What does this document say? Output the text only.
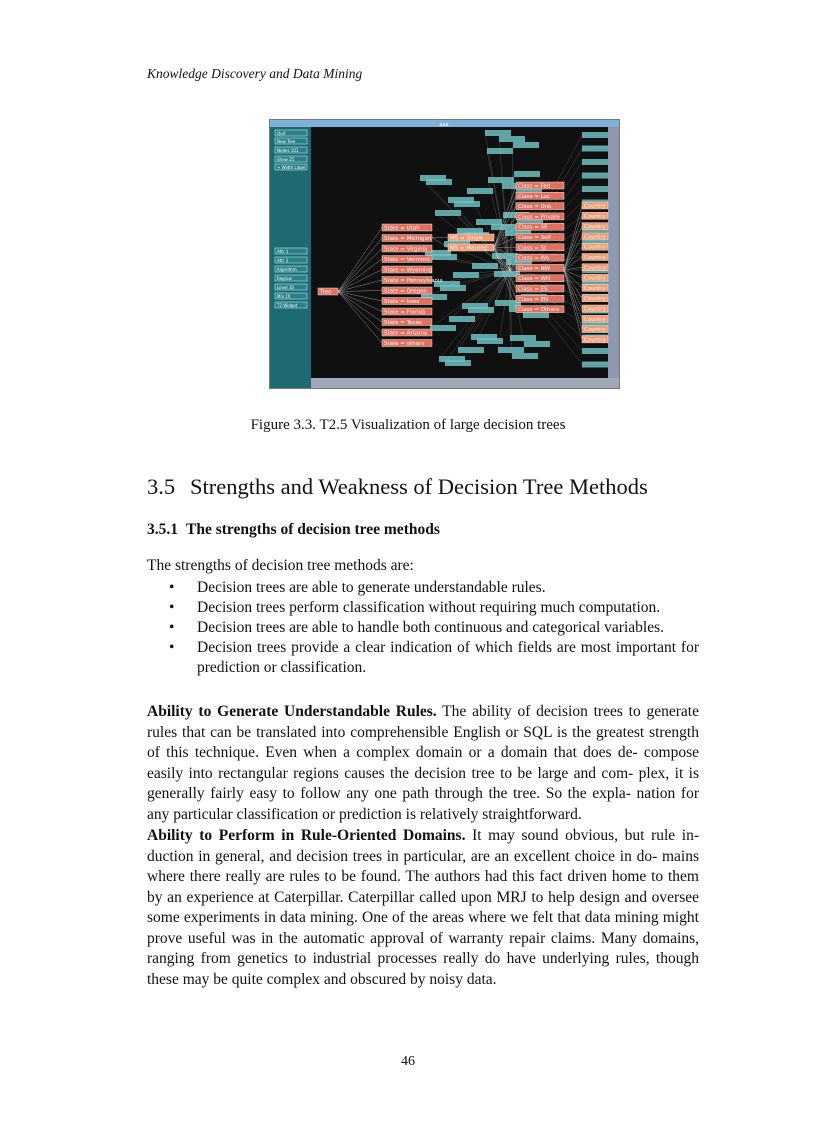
Knowledge Discovery and Data Mining
aaa
Quit
New Tree
Nodes 101
Show 25
+ Width Label
Attr 1
Attr 2
Algorithm
Regrow
Level 10
Min 10
T2 Widget
Tree
State = Utah
State = Michigan
State = Virginia
State = Vermont
State = Wyoming
State = Pennsylvania
State = Oregon
State = Iowa
State = Florida
State = Texas
State = Arizona
State = others
MS = Single
MS = Married
Class = Fed
Class = Loc
Class = Unk
Class = Private
Class = SE
Class = Self
Class = St
Class = Wo
Class = NW
Class = WH
Class = ES
Class = EN
Class = Others
Country
Country
Country
Country
Country
Country
Country
Country
Country
Country
Country
Country
Country
Country
Figure 3.3. T2.5 Visualization of large decision trees
3.5 Strengths and Weakness of Decision Tree Methods
3.5.1 The strengths of decision tree methods

The strengths of decision tree methods are:

• Decision trees are able to generate understandable rules.
• Decision trees perform classification without requiring much computation.
• Decision trees are able to handle both continuous and categorical variables.
• Decision trees provide a clear indication of which fields are most important for prediction or classification.

Ability to Generate Understandable Rules. The ability of decision trees to generate rules that can be translated into comprehensible English or SQL is the greatest strength of this technique. Even when a complex domain or a domain that does de- compose easily into rectangular regions causes the decision tree to be large and com- plex, it is generally fairly easy to follow any one path through the tree. So the expla- nation for any particular classification or prediction is relatively straightforward.

Ability to Perform in Rule-Oriented Domains. It may sound obvious, but rule in- duction in general, and decision trees in particular, are an excellent choice in do- mains where there really are rules to be found. The authors had this fact driven home to them by an experience at Caterpillar. Caterpillar called upon MRJ to help design and oversee some experiments in data mining. One of the areas where we felt that data mining might prove useful was in the automatic approval of warranty repair claims. Many domains, ranging from genetics to industrial processes really do have underlying rules, though these may be quite complex and obscured by noisy data.

46
